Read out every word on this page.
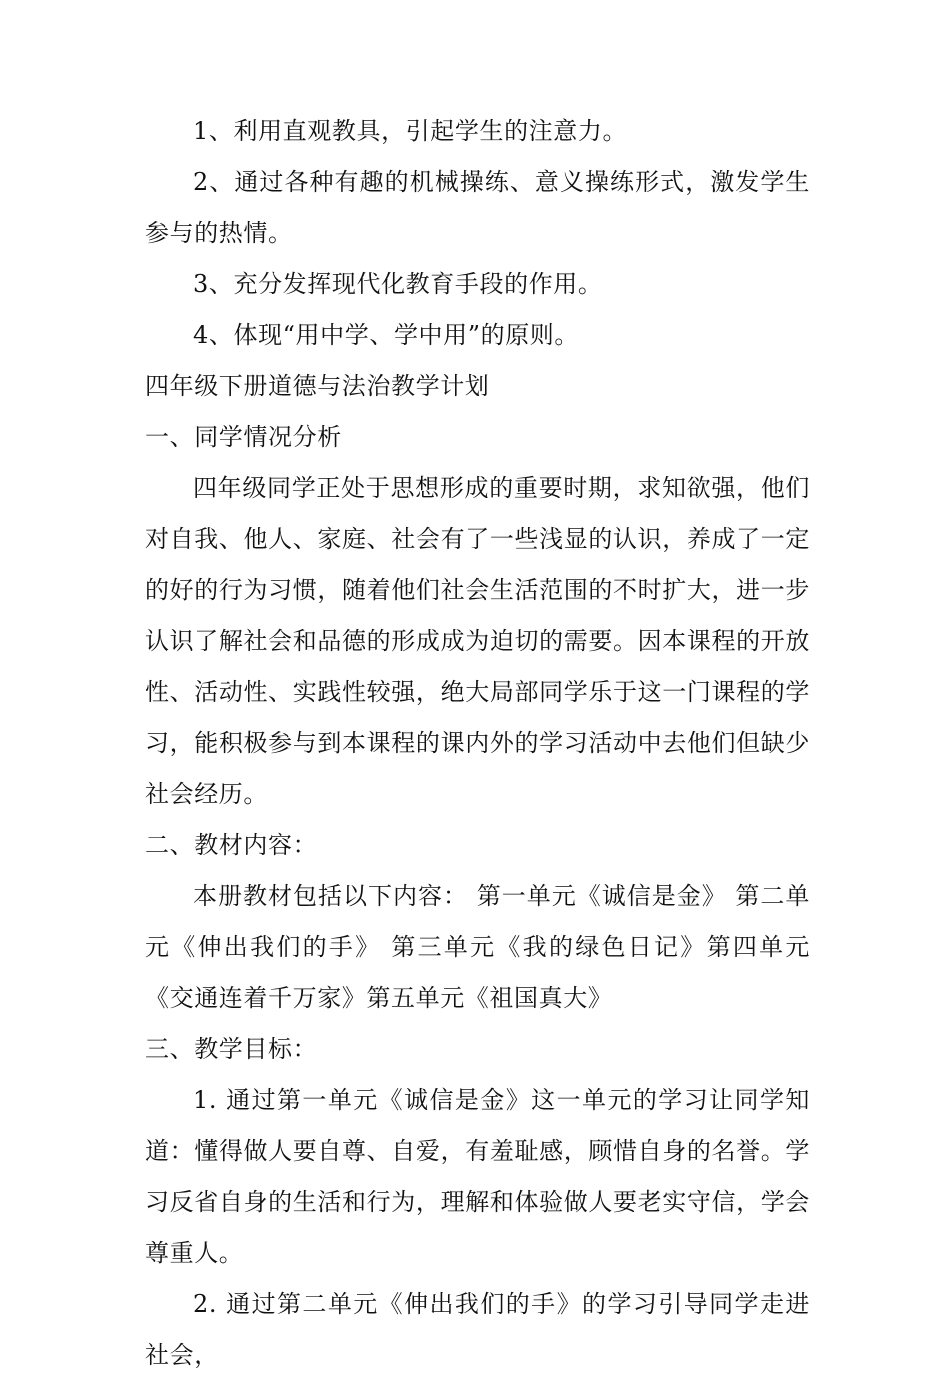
1、利用直观教具，引起学生的注意力。

2、通过各种有趣的机械操练、意义操练形式，激发学生参与的热情。

3、充分发挥现代化教育手段的作用。

4、体现“用中学、学中用”的原则。

四年级下册道德与法治教学计划

一、同学情况分析

四年级同学正处于思想形成的重要时期，求知欲强，他们对自我、他人、家庭、社会有了一些浅显的认识，养成了一定的好的行为习惯，随着他们社会生活范围的不时扩大，进一步认识了解社会和品德的形成成为迫切的需要。因本课程的开放性、活动性、实践性较强，绝大局部同学乐于这一门课程的学习，能积极参与到本课程的课内外的学习活动中去他们但缺少社会经历。

二、教材内容：

本册教材包括以下内容： 第一单元《诚信是金》 第二单元《伸出我们的手》 第三单元《我的绿色日记》第四单元《交通连着千万家》第五单元《祖国真大》

三、教学目标：

1. 通过第一单元《诚信是金》这一单元的学习让同学知道：懂得做人要自尊、自爱，有羞耻感，顾惜自身的名誉。学习反省自身的生活和行为，理解和体验做人要老实守信，学会尊重人。

2. 通过第二单元《伸出我们的手》的学习引导同学走进社会，
